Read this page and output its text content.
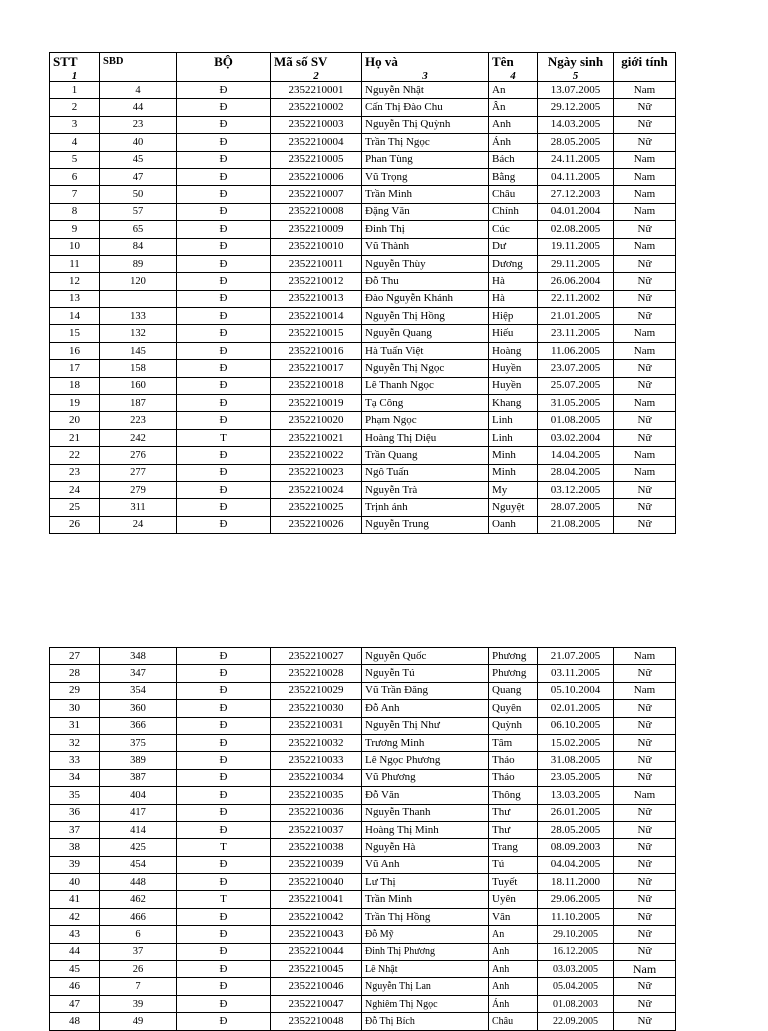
STT	SBD	BỘ	Mã số SV	Họ và	Tên	Ngày sinh	giới tính
1			2	3	4	5	
1	4	Đ	2352210001	Nguyễn Nhật	An	13.07.2005	Nam
2	44	Đ	2352210002	Cấn Thị Đào Chu	Ân	29.12.2005	Nữ
3	23	Đ	2352210003	Nguyễn Thị Quỳnh	Anh	14.03.2005	Nữ
4	40	Đ	2352210004	Trần Thị Ngọc	Ánh	28.05.2005	Nữ
5	45	Đ	2352210005	Phan Tùng	Bách	24.11.2005	Nam
6	47	Đ	2352210006	Vũ Trọng	Bằng	04.11.2005	Nam
7	50	Đ	2352210007	Trần Minh	Châu	27.12.2003	Nam
8	57	Đ	2352210008	Đặng Văn	Chính	04.01.2004	Nam
9	65	Đ	2352210009	Đinh Thị	Cúc	02.08.2005	Nữ
10	84	Đ	2352210010	Vũ Thành	Dư	19.11.2005	Nam
11	89	Đ	2352210011	Nguyễn Thùy	Dương	29.11.2005	Nữ
12	120	Đ	2352210012	Đỗ Thu	Hà	26.06.2004	Nữ
13		Đ	2352210013	Đào Nguyễn Khánh	Hà	22.11.2002	Nữ
14	133	Đ	2352210014	Nguyễn Thị Hồng	Hiệp	21.01.2005	Nữ
15	132	Đ	2352210015	Nguyễn Quang	Hiếu	23.11.2005	Nam
16	145	Đ	2352210016	Hà Tuấn Việt	Hoàng	11.06.2005	Nam
17	158	Đ	2352210017	Nguyễn Thị Ngọc	Huyền	23.07.2005	Nữ
18	160	Đ	2352210018	Lê Thanh Ngọc	Huyền	25.07.2005	Nữ
19	187	Đ	2352210019	Tạ Công	Khang	31.05.2005	Nam
20	223	Đ	2352210020	Phạm Ngọc	Linh	01.08.2005	Nữ
21	242	T	2352210021	Hoàng Thị Diệu	Linh	03.02.2004	Nữ
22	276	Đ	2352210022	Trần Quang	Minh	14.04.2005	Nam
23	277	Đ	2352210023	Ngô Tuấn	Minh	28.04.2005	Nam
24	279	Đ	2352210024	Nguyễn Trà	My	03.12.2005	Nữ
25	311	Đ	2352210025	Trịnh ánh	Nguyệt	28.07.2005	Nữ
26	24	Đ	2352210026	Nguyễn Trung	Oanh	21.08.2005	Nữ
27	348	Đ	2352210027	Nguyễn Quốc	Phương	21.07.2005	Nam
28	347	Đ	2352210028	Nguyễn Tú	Phương	03.11.2005	Nữ
29	354	Đ	2352210029	Vũ Trần Đăng	Quang	05.10.2004	Nam
30	360	Đ	2352210030	Đỗ Anh	Quyên	02.01.2005	Nữ
31	366	Đ	2352210031	Nguyễn Thị Như	Quỳnh	06.10.2005	Nữ
32	375	Đ	2352210032	Trương Minh	Tâm	15.02.2005	Nữ
33	389	Đ	2352210033	Lê Ngọc Phương	Thảo	31.08.2005	Nữ
34	387	Đ	2352210034	Vũ Phương	Thảo	23.05.2005	Nữ
35	404	Đ	2352210035	Đỗ Văn	Thông	13.03.2005	Nam
36	417	Đ	2352210036	Nguyễn Thanh	Thư	26.01.2005	Nữ
37	414	Đ	2352210037	Hoàng Thị Minh	Thư	28.05.2005	Nữ
38	425	T	2352210038	Nguyễn Hà	Trang	08.09.2003	Nữ
39	454	Đ	2352210039	Vũ Anh	Tú	04.04.2005	Nữ
40	448	Đ	2352210040	Lư Thị	Tuyết	18.11.2000	Nữ
41	462	T	2352210041	Trần Minh	Uyên	29.06.2005	Nữ
42	466	Đ	2352210042	Trần Thị Hồng	Vân	11.10.2005	Nữ
43	6	Đ	2352210043	Đỗ Mỹ	An	29.10.2005	Nữ
44	37	Đ	2352210044	Đinh Thị Phương	Anh	16.12.2005	Nữ
45	26	Đ	2352210045	Lê Nhật	Anh	03.03.2005	Nam
46	7	Đ	2352210046	Nguyễn Thị Lan	Anh	05.04.2005	Nữ
47	39	Đ	2352210047	Nghiêm Thị Ngọc	Ánh	01.08.2003	Nữ
48	49	Đ	2352210048	Đỗ Thị Bích	Châu	22.09.2005	Nữ
